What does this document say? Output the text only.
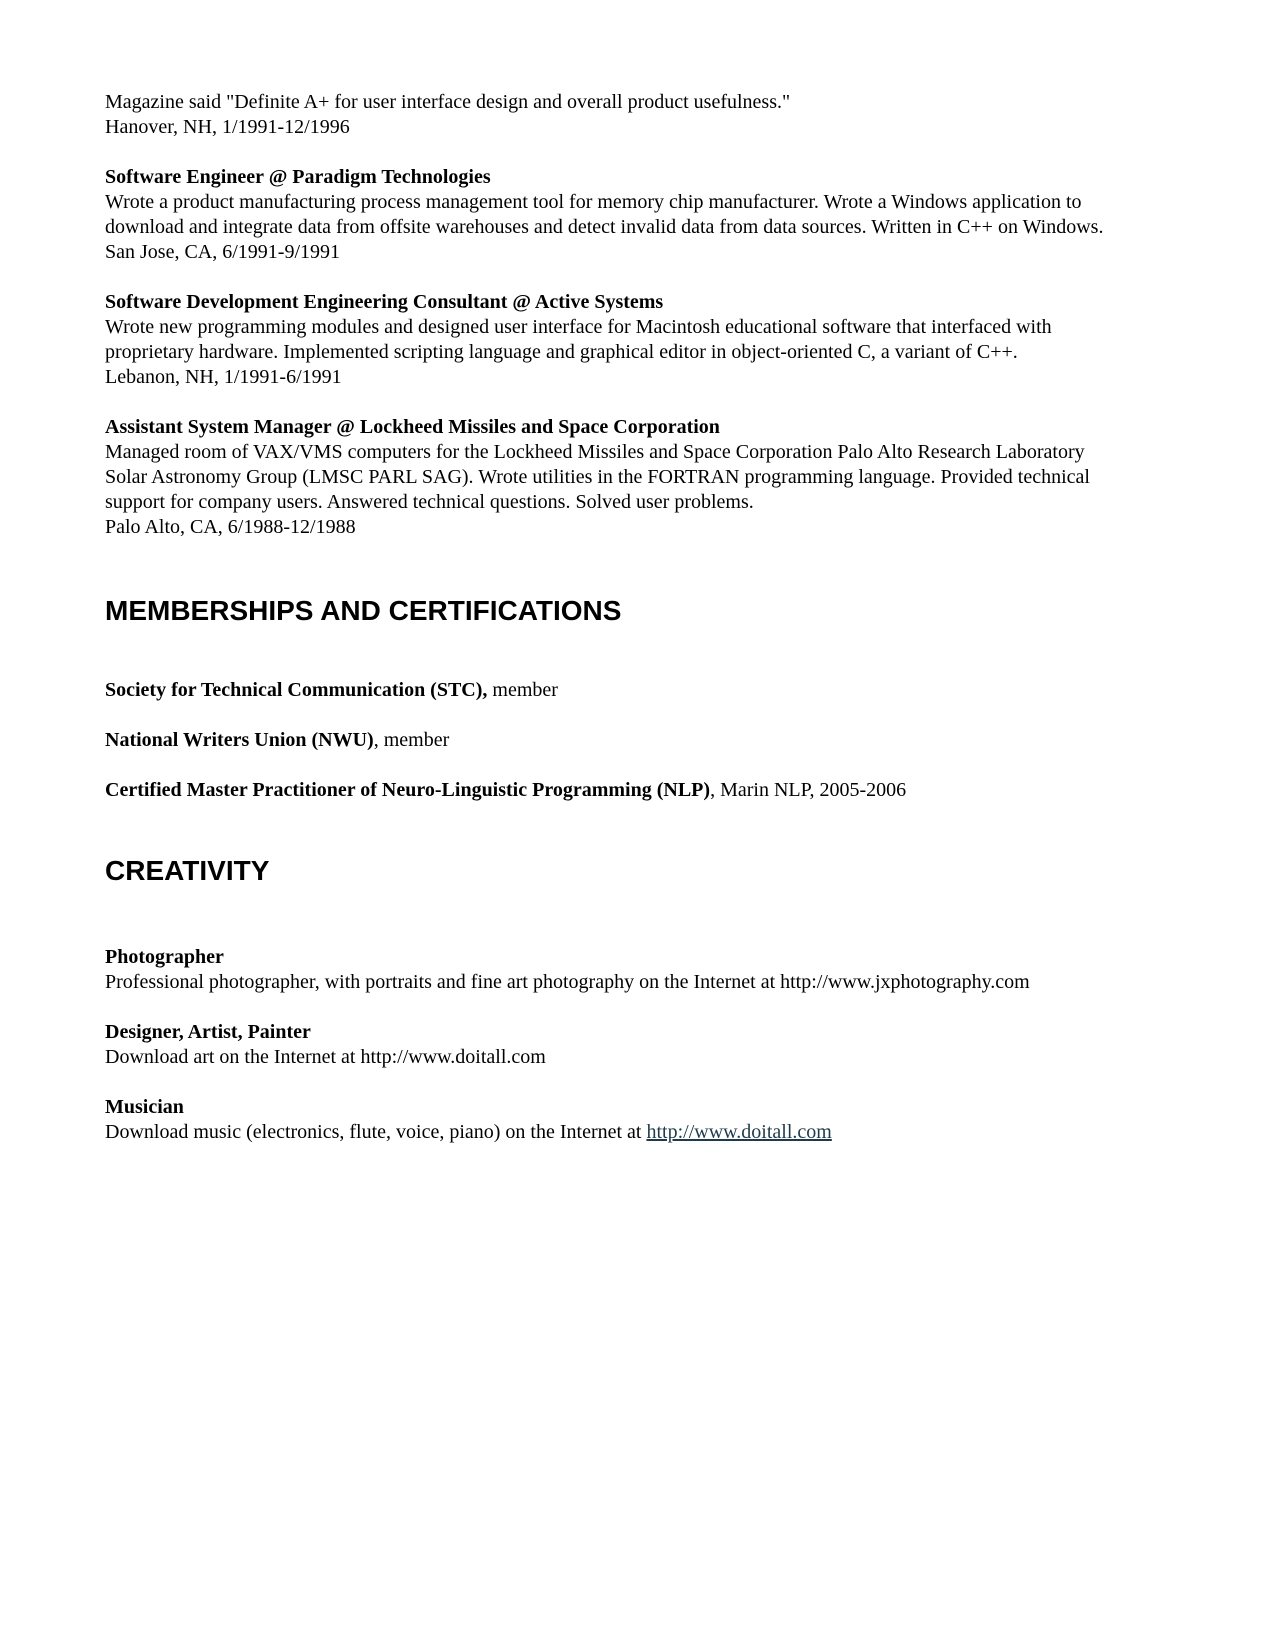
Magazine said "Definite A+ for user interface design and overall product usefulness."
Hanover, NH, 1/1991-12/1996
Software Engineer @ Paradigm Technologies
Wrote a product manufacturing process management tool for memory chip manufacturer. Wrote a Windows application to
download and integrate data from offsite warehouses and detect invalid data from data sources. Written in C++ on Windows.
San Jose, CA, 6/1991-9/1991
Software Development Engineering Consultant @ Active Systems
Wrote new programming modules and designed user interface for Macintosh educational software that interfaced with
proprietary hardware. Implemented scripting language and graphical editor in object-oriented C, a variant of C++.
Lebanon, NH, 1/1991-6/1991
Assistant System Manager @ Lockheed Missiles and Space Corporation
Managed room of VAX/VMS computers for the Lockheed Missiles and Space Corporation Palo Alto Research Laboratory
Solar Astronomy Group (LMSC PARL SAG). Wrote utilities in the FORTRAN programming language. Provided technical
support for company users. Answered technical questions. Solved user problems.
Palo Alto, CA, 6/1988-12/1988
MEMBERSHIPS AND CERTIFICATIONS
Society for Technical Communication (STC), member
National Writers Union (NWU), member
Certified Master Practitioner of Neuro-Linguistic Programming (NLP), Marin NLP, 2005-2006
CREATIVITY
Photographer
Professional photographer, with portraits and fine art photography on the Internet at http://www.jxphotography.com
Designer, Artist, Painter
Download art on the Internet at http://www.doitall.com
Musician
Download music (electronics, flute, voice, piano) on the Internet at http://www.doitall.com
